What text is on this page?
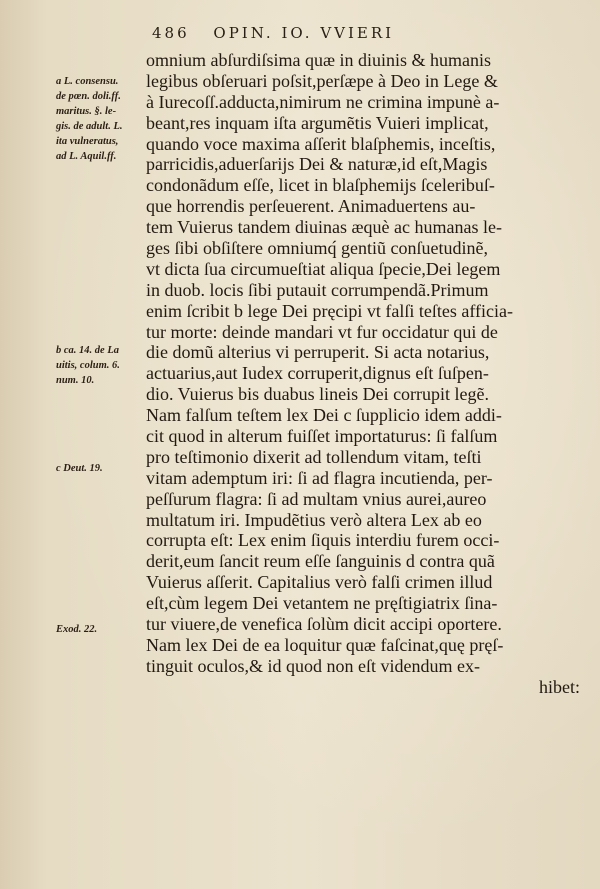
486 OPIN. IO. VVIERI
a L. consensu.
de pœn. doli.ff.
maritus. §. le-
gis. de adult. L.
ita vulneratus,
ad L. Aquil.ff.
b ca. 14. de La
uitis, colum. 6.
num. 10.
c Deut. 19.
Exod. 22.
omnium abſurdiſsima quæ in diuinis & humanis
legibus obſeruari poſsit,perſæpe à Deo in Lege &
à Iurecoſſ.adducta,nimirum ne crimina impunè a-
beant,res inquam iſta argumẽtis Vuieri implicat,
quando voce maxima aſſerit blaſphemis, inceſtis,
parricidis,aduerſarijs Dei & naturæ,id eſt,Magis
condonãdum eſſe, licet in blaſphemijs ſceleribuſ-
que horrendis perſeuerent. Animaduertens au-
tem Vuierus tandem diuinas æquè ac humanas le-
ges ſibi obſiſtere omniumq́ gentiũ conſuetudinẽ,
vt dicta ſua circumueſtiat aliqua ſpecie,Dei legem
in duob. locis ſibi putauit corrumpendã.Primum
enim ſcribit b lege Dei pręcipi vt falſi teſtes afficia-
tur morte: deinde mandari vt fur occidatur qui de
die domũ alterius vi perruperit. Si acta notarius,
actuarius,aut Iudex corruperit,dignus eſt ſuſpen-
dio. Vuierus bis duabus lineis Dei corrupit legẽ.
Nam falſum teſtem lex Dei c ſupplicio idem addi-
cit quod in alterum fuiſſet importaturus: ſi falſum
pro teſtimonio dixerit ad tollendum vitam, teſti
vitam ademptum iri: ſi ad flagra incutienda, per-
peſſurum flagra: ſi ad multam vnius aurei,aureo
multatum iri. Impudẽtius verò altera Lex ab eo
corrupta eſt: Lex enim ſiquis interdiu furem occi-
derit,eum ſancit reum eſſe ſanguinis d contra quã
Vuierus aſſerit. Capitalius verò falſi crimen illud
eſt,cùm legem Dei vetantem ne pręſtigiatrix ſina-
tur viuere,de venefica ſolùm dicit accipi oportere.
Nam lex Dei de ea loquitur quæ faſcinat,quę pręſ-
tinguit oculos,& id quod non eſt videndum ex-
hibet:
